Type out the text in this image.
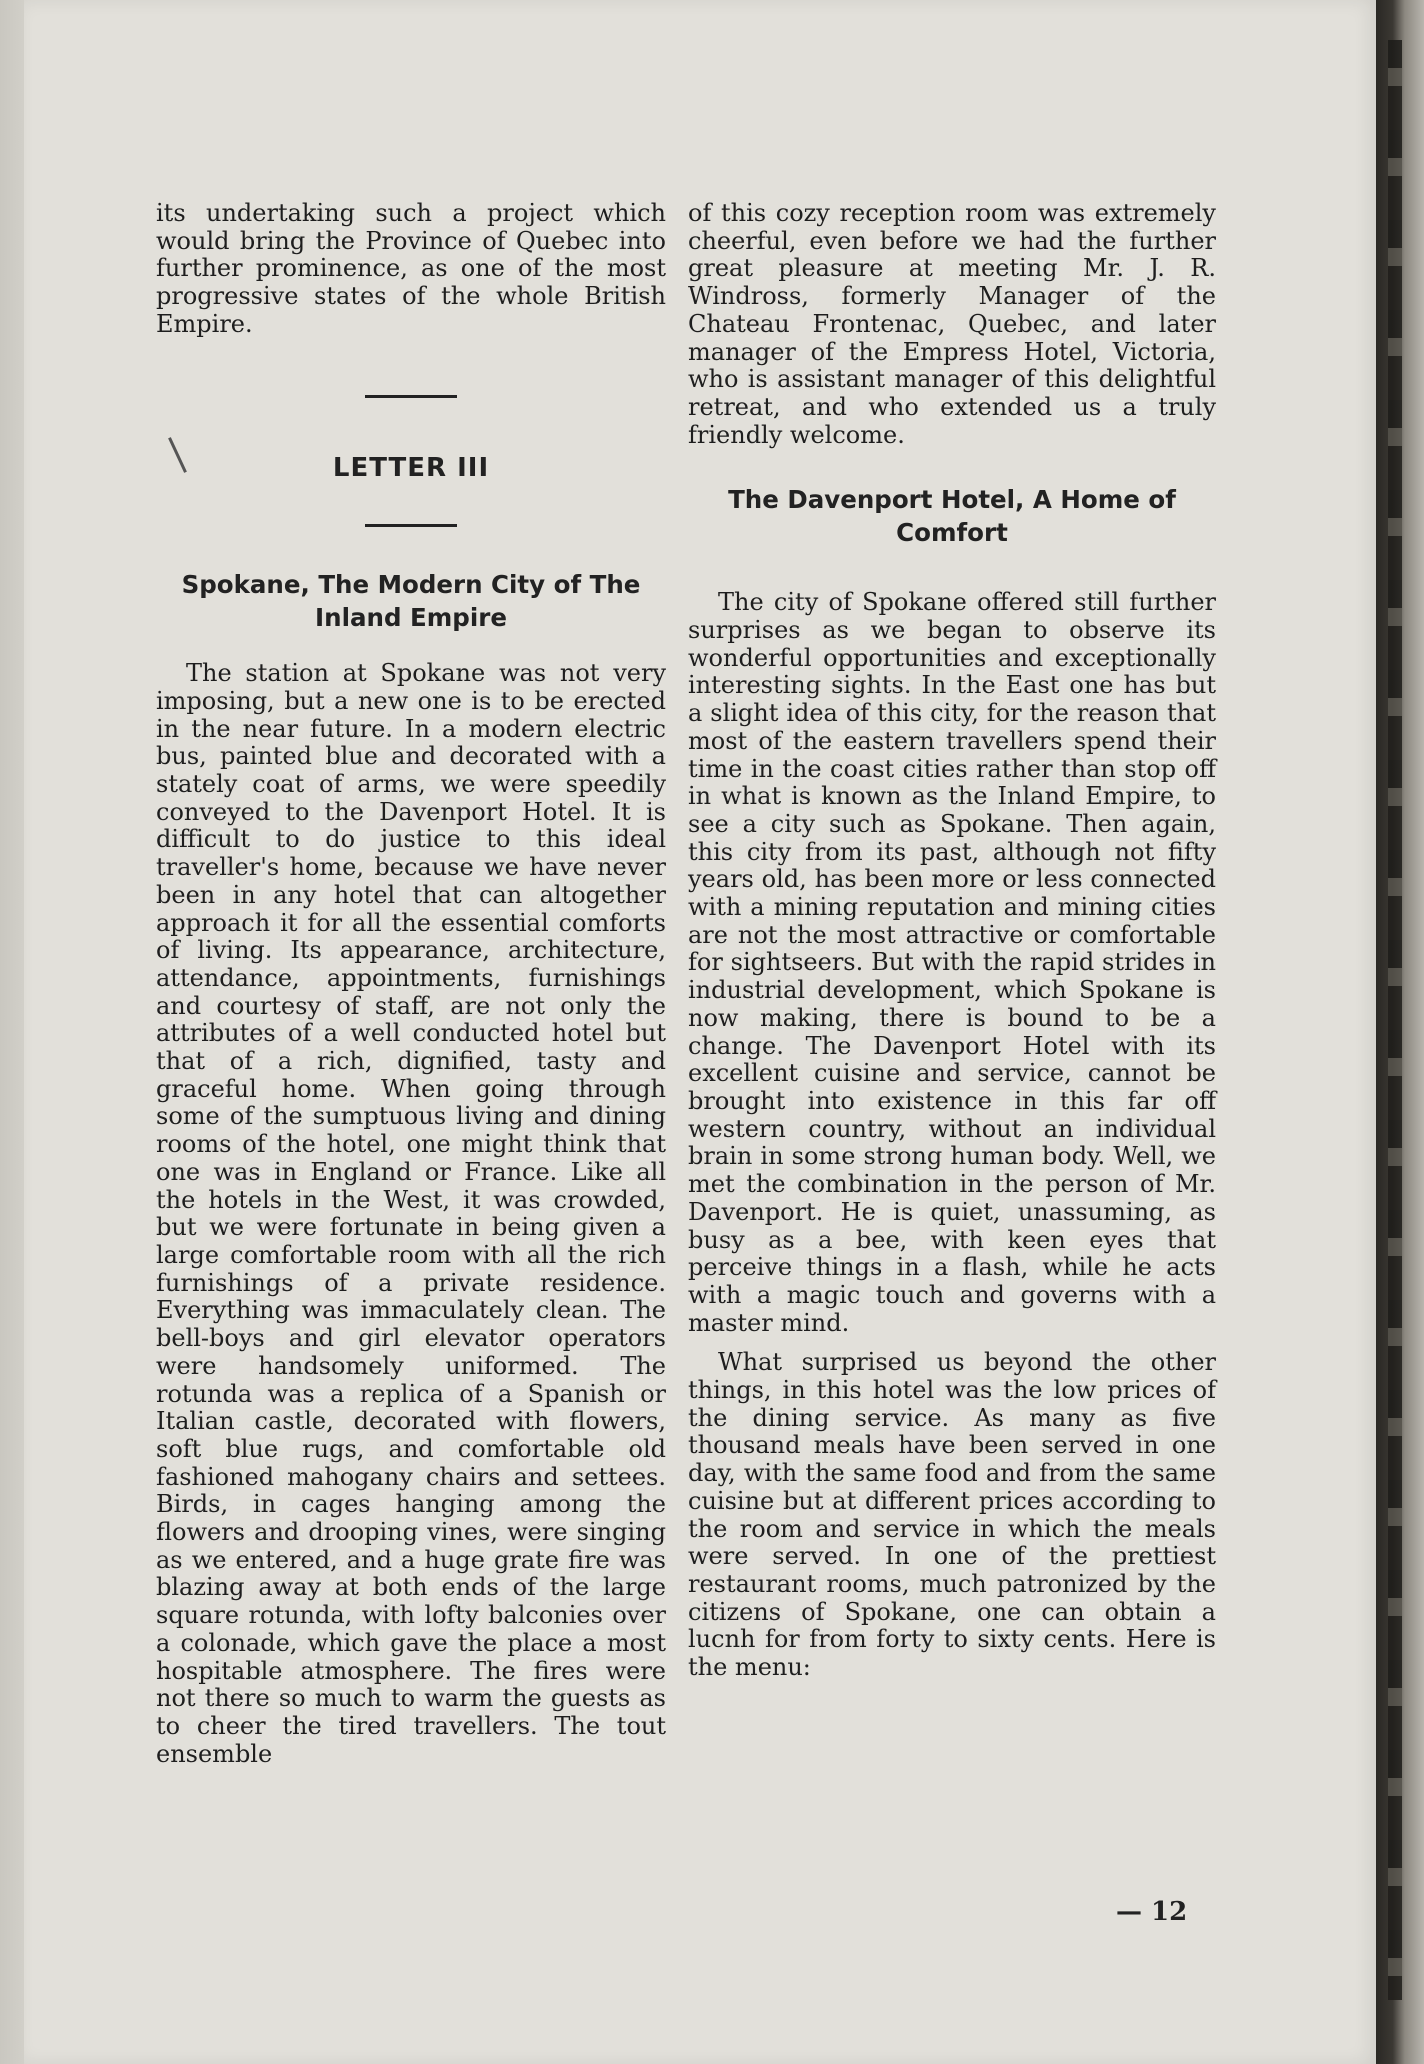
its undertaking such a project which would bring the Province of Quebec into further prominence, as one of the most progressive states of the whole British Empire.

LETTER III
Spokane, The Modern City of The Inland Empire

The station at Spokane was not very imposing, but a new one is to be erected in the near future. In a modern electric bus, painted blue and decorated with a stately coat of arms, we were speedily conveyed to the Davenport Hotel. It is difficult to do justice to this ideal traveller's home, because we have never been in any hotel that can altogether approach it for all the essential comforts of living. Its appearance, architecture, attendance, appointments, furnishings and courtesy of staff, are not only the attributes of a well conducted hotel but that of a rich, dignified, tasty and graceful home. When going through some of the sumptuous living and dining rooms of the hotel, one might think that one was in England or France. Like all the hotels in the West, it was crowded, but we were fortunate in being given a large comfortable room with all the rich furnishings of a private residence. Everything was immaculately clean. The bell-boys and girl elevator operators were handsomely uniformed. The rotunda was a replica of a Spanish or Italian castle, decorated with flowers, soft blue rugs, and comfortable old fashioned mahogany chairs and settees. Birds, in cages hanging among the flowers and drooping vines, were singing as we entered, and a huge grate fire was blazing away at both ends of the large square rotunda, with lofty balconies over a colonade, which gave the place a most hospitable atmosphere. The fires were not there so much to warm the guests as to cheer the tired travellers. The tout ensemble

of this cozy reception room was extremely cheerful, even before we had the further great pleasure at meeting Mr. J. R. Windross, formerly Manager of the Chateau Frontenac, Quebec, and later manager of the Empress Hotel, Victoria, who is assistant manager of this delightful retreat, and who extended us a truly friendly welcome.

The Davenport Hotel, A Home of Comfort

The city of Spokane offered still further surprises as we began to observe its wonderful opportunities and exceptionally interesting sights. In the East one has but a slight idea of this city, for the reason that most of the eastern travellers spend their time in the coast cities rather than stop off in what is known as the Inland Empire, to see a city such as Spokane. Then again, this city from its past, although not fifty years old, has been more or less connected with a mining reputation and mining cities are not the most attractive or comfortable for sightseers. But with the rapid strides in industrial development, which Spokane is now making, there is bound to be a change. The Davenport Hotel with its excellent cuisine and service, cannot be brought into existence in this far off western country, without an individual brain in some strong human body. Well, we met the combination in the person of Mr. Davenport. He is quiet, unassuming, as busy as a bee, with keen eyes that perceive things in a flash, while he acts with a magic touch and governs with a master mind.

What surprised us beyond the other things, in this hotel was the low prices of the dining service. As many as five thousand meals have been served in one day, with the same food and from the same cuisine but at different prices according to the room and service in which the meals were served. In one of the prettiest restaurant rooms, much patronized by the citizens of Spokane, one can obtain a lucnh for from forty to sixty cents. Here is the menu:

— 12
